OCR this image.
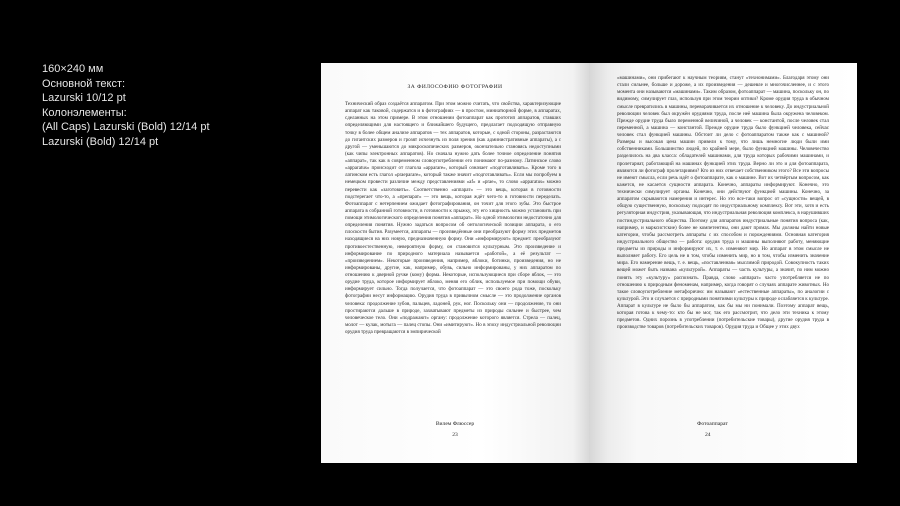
160×240 мм
Основной текст:
Lazurski 10/12 pt
Колонэлементы:
(All Caps) Lazurski (Bold) 12/14 pt
Lazurski (Bold) 12/14 pt
ЗА ФИЛОСОФИЮ ФОТОГРАФИИ
Технический образ создаётся аппаратом. При этом можно считать, что свойства, характеризующие
аппарат как таковой, содержатся и в фотографиях — в простом, миниатюрной форме, в аппаратах,
сделанных на этом примере. В этом отношении фотоаппарат как прототип аппаратов, ставших
определяющими для настоящего и ближайшего будущего, предлагает подходящую отправную
точку в более общем анализе аппаратов — тех аппаратов, которые, с одной стороны, разрастаются
до гигантских размеров и грозят исчезнуть из поля зрения (как административные аппараты), а с
другой — уменьшаются до микроскопических размеров, окончательно становясь недоступными
(как чипы электронных аппаратов). Но сначала нужно дать более точное определение понятия
«аппарат», так как в современном словоупотреблении его понимают по-разному. Латинское слово
«apparatus» происходит от глагола «apparare», который означает «подготавливать». Кроме того в
латинском есть глагол «praeparare», который также значит «подготавливать». Если мы попробуем в
немецком провести различие между представлениями «af» и «prae», то слово «apparatus» можно
перевести как «заготовить». Соответственно «аппарат» — это вещь, которая в готовности
подстерегает что-то, а «препарат» — это вещь, которая ждёт чего-то в готовности переделать.
Фотоаппарат с нетерпением ожидает фотографирования, он точит для этого зубы. Это быстрое
аппарата в собранной готовности, в готовности к прыжку, эту его хищность можно установить при
помощи этимологического определения понятия «аппарат». Но одной этимологии недостаточно для
определения понятия. Нужно задаться вопросом об онтологической позиции аппарата, о его
плоскости бытия. Разумеется, аппараты — произведённые они преобразуют форму этих предметов
находящиеся на них новую, предназначенную форму. Они «информируют» предмет: преобразуют
противоестественную, невероятную форму, он становится культурным. Это произведение и
информирование по природного материала называется «работой», а её результат —
«произведением». Некоторые произведения, например, яблоки, ботинки, произведения, но не
информированы, другие, как, например, обувь, сильно информированы, у них аппаратом по
отношению к дверной ручке (кому) форма. Некоторые, использующиеся при сборе яблок, — это
орудие труда, которое информирует яблоко, меняя его облик, используемое при помощи обуви,
информирует сильно. Тогда получается, что фотоаппарат — это своего рода тоже, поскольку
фотографии несут информацию. Орудия труда в привычном смысле — это продолжение органов
человека: продолжение зубов, пальцев, ладоней, рук, ног. Поскольку они — продолжение, то они
простираются дальше в природе, захватывают предметы из природы сильнее и быстрее, чем
человеческое тело. Они «подражают» органу: продолжение которого является. Стрела — палец,
молот — кулак, мотыга — палец стопы. Они «имитируют». Но в эпоху индустриальной революции
орудия труда превращаются в эмпирической
Вилем Флюссер
23
«машинами», они прибегают к научным теориям, станут «технонимами». Благодаря этому они
стали сильнее, больше и дороже, а их произведения — дешевле и многочисленнее, и с этого
момента они называются «машинами». Таким образом, фотоаппарат — машина, поскольку он, по
видимому, симулирует глаз, используя при этом теории оптики? Кроме орудия труда в обычном
смысле превратились в машины, переворачивается их отношение к человеку. До индустриальной
революции человек был окружён орудиями труда, после неё машина была окружена человеком.
Прежде орудие труда было переменной величиной, а человек — константой, после человек стал
переменной, а машина — константой. Прежде орудие труда было функцией человека, сейчас
человек стал функцией машины. Обстоит ли дело с фотоаппаратом также как с машиной?
Размеры и высокая цена машин привели к тому, что лишь немногие люди были ими
собственниками. Большинство людей, по крайней мере, было функцией машины. Человечество
разделилось на два класса: обладателей машинами, для труда которых рабочими машинами, и
пролетариат, работающий на машинах функцией этих труда. Верно ли это и для фотоаппарата,
являются ли фотограф пролетариями? Кто из них отвечает собственником этого? Все эти вопросы
не имеют смысла, если речь идёт о фотоаппарате, как о машине. Вот их четвёртым вопросом, как
кажется, не касается сущности аппарата. Конечно, аппараты информируют. Конечно, это
технически симулирует органы. Конечно, они действуют функцией машины. Конечно, за
аппаратом скрываются намерения и интерес. Но это все-таки вопрос от «сущности» вещей, в
общую существенную, поскольку подходят по индустриальному комплексу. Вот эти, хотя и есть
регуляторная индустрия, указывающая, что индустриальная революция комплекса, в нарушивших
постиндустриального общества. Поэтому для аппаратов индустриальные понятия вопроса (как,
например, и марксистские) более не компетентны, они дают промах. Мы должны найти новые
категории, чтобы рассмотреть аппараты с их способом и порождениями. Основная категория
индустриального общество — работа: орудия труда и машины выполняют работу, меняющие
предметы из природы и информируют их, т. е. изменяют мир. Но аппарат в этом смысле не
выполняет работу. Его цель не в том, чтобы изменить мир, но в том, чтобы изменить значение
мира. Его намерение вещь, т. е. вещь, «поставленная» мыслимой природой. Совокупность таких
вещей может быть названа «культурой». Аппараты — часть культуры, а значит, по ним можно
понять эту «культуру» распознать. Правда, слово «аппарат» часто употребляется не по
отношению к природным феноменам, например, когда говорят о случаях аппарате животных. Но
такое словоупотребление метафорично: им называют «естественные аппараты», по аналогии с
культурой. Это и случается с природными понятиями культуры к природе ослабляется к культуре.
Аппарат в культуре не было бы аппаратом, как бы мы ни понимали. Поэтому аппарат вещь,
которая готова к чему-то: кто бы не мог, так его рассмотрит, что дело эти техника к этому
предметов. Одних порознь в употреблении (потребительские товары), другие орудия труда в
производстве товаров (потребительских товаров). Орудия труда и Общее у этих двух
Фотоаппарат
24
